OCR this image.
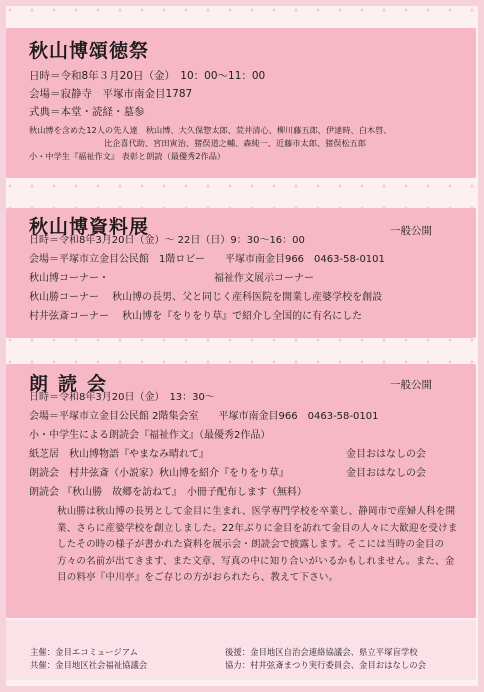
秋山博頌徳祭
日時＝令和8年３月20日（金）　10：00～11：00
会場＝寂静寺　平塚市南金目1787
式典＝本堂・読経・墓参
秋山博を含めた12人の先人達　秋山博、大久保惣太郎、荒井清心、柳川藤五郎、伊達時、白木啓、
比企喜代助、宮田寅治、猪俣道之輔、森純一、近藤市太郎、猪俣松五郎
小・中学生『福祉作文』 表彰と朗読（最優秀2作品）
秋山博資料展	一般公開
日時＝令和8年3月20日（金）～ 22日（日）9：30～16：00
会場＝平塚市立金目公民館　1階ロビー　　平塚市南金目966　0463-58-0101
秋山博コーナー・	福祉作文展示コーナー
秋山勝コーナー　 秋山博の長男、父と同じく産科医院を開業し産婆学校を創設
村井弦斎コーナー　 秋山博を『をりをり草』で紹介し全国的に有名にした
朗読会	一般公開
日時＝令和8年3月20日（金）　13：30～
会場＝平塚市立金目公民館 2階集会室　　平塚市南金目966　0463-58-0101
小・中学生による朗読会『福祉作文』（最優秀2作品）
紙芝居　秋山博物語『やまなみ晴れて』	金目おはなしの会
朗読会　村井弦斎（小説家）秋山博を紹介『をりをり草』	金目おはなしの会
朗読会 『秋山勝　故郷を訪ねて』　小冊子配布します（無料）
秋山勝は秋山博の長男として金目に生まれ、医学専門学校を卒業し、静岡市で産婦人科を開業、さらに産婆学校を創立しました。22年ぶりに金目を訪れて金目の人々に大歓迎を受けましたその時の様子が書かれた資料を展示会・朗読会で披露します。そこには当時の金目の方々の名前が出てきます、また文章、写真の中に知り合いがいるかもしれません。また、金目の料亭『中川亭』をご存じの方がおられたら、教えて下さい。
主催：金目エコミュージアム	後援：金目地区自治会連絡協議会、県立平塚盲学校
共催：金目地区社会福祉協議会	協力：村井弦斎まつり実行委員会、金目おはなしの会
